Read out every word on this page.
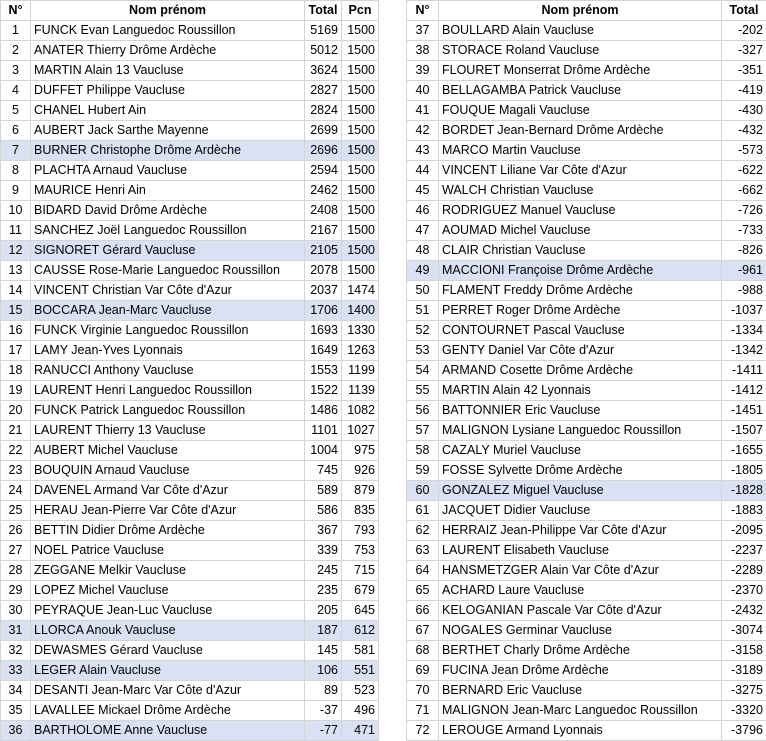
N°	Nom prénom	Total	Pcn
1	FUNCK Evan Languedoc Roussillon	5169	1500
2	ANATER Thierry Drôme Ardèche	5012	1500
3	MARTIN Alain 13 Vaucluse	3624	1500
4	DUFFET Philippe Vaucluse	2827	1500
5	CHANEL Hubert Ain	2824	1500
6	AUBERT Jack Sarthe Mayenne	2699	1500
7	BURNER Christophe Drôme Ardèche	2696	1500
8	PLACHTA Arnaud Vaucluse	2594	1500
9	MAURICE Henri Ain	2462	1500
10	BIDARD David Drôme Ardèche	2408	1500
11	SANCHEZ Joël Languedoc Roussillon	2167	1500
12	SIGNORET Gérard Vaucluse	2105	1500
13	CAUSSE Rose-Marie Languedoc Roussillon	2078	1500
14	VINCENT Christian Var Côte d'Azur	2037	1474
15	BOCCARA Jean-Marc Vaucluse	1706	1400
16	FUNCK Virginie Languedoc Roussillon	1693	1330
17	LAMY Jean-Yves Lyonnais	1649	1263
18	RANUCCI Anthony Vaucluse	1553	1199
19	LAURENT Henri Languedoc Roussillon	1522	1139
20	FUNCK Patrick Languedoc Roussillon	1486	1082
21	LAURENT Thierry 13 Vaucluse	1101	1027
22	AUBERT Michel Vaucluse	1004	975
23	BOUQUIN Arnaud Vaucluse	745	926
24	DAVENEL Armand Var Côte d'Azur	589	879
25	HERAU Jean-Pierre Var Côte d'Azur	586	835
26	BETTIN Didier Drôme Ardèche	367	793
27	NOEL Patrice Vaucluse	339	753
28	ZEGGANE Melkir Vaucluse	245	715
29	LOPEZ Michel Vaucluse	235	679
30	PEYRAQUE Jean-Luc Vaucluse	205	645
31	LLORCA Anouk Vaucluse	187	612
32	DEWASMES Gérard Vaucluse	145	581
33	LEGER Alain Vaucluse	106	551
34	DESANTI Jean-Marc Var Côte d'Azur	89	523
35	LAVALLEE Mickael Drôme Ardèche	-37	496
36	BARTHOLOME Anne Vaucluse	-77	471
N°	Nom prénom	Total
37	BOULLARD Alain Vaucluse	-202
38	STORACE Roland Vaucluse	-327
39	FLOURET Monserrat Drôme Ardèche	-351
40	BELLAGAMBA Patrick Vaucluse	-419
41	FOUQUE Magali Vaucluse	-430
42	BORDET Jean-Bernard Drôme Ardèche	-432
43	MARCO Martin Vaucluse	-573
44	VINCENT Liliane Var Côte d'Azur	-622
45	WALCH Christian Vaucluse	-662
46	RODRIGUEZ Manuel Vaucluse	-726
47	AOUMAD Michel Vaucluse	-733
48	CLAIR Christian Vaucluse	-826
49	MACCIONI Françoise Drôme Ardèche	-961
50	FLAMENT Freddy Drôme Ardèche	-988
51	PERRET Roger Drôme Ardèche	-1037
52	CONTOURNET Pascal Vaucluse	-1334
53	GENTY Daniel Var Côte d'Azur	-1342
54	ARMAND Cosette Drôme Ardèche	-1411
55	MARTIN Alain 42 Lyonnais	-1412
56	BATTONNIER Eric Vaucluse	-1451
57	MALIGNON Lysiane Languedoc Roussillon	-1507
58	CAZALY Muriel Vaucluse	-1655
59	FOSSE Sylvette Drôme Ardèche	-1805
60	GONZALEZ Miguel Vaucluse	-1828
61	JACQUET Didier Vaucluse	-1883
62	HERRAIZ Jean-Philippe Var Côte d'Azur	-2095
63	LAURENT Elisabeth Vaucluse	-2237
64	HANSMETZGER Alain Var Côte d'Azur	-2289
65	ACHARD Laure Vaucluse	-2370
66	KELOGANIAN Pascale Var Côte d'Azur	-2432
67	NOGALES Germinar Vaucluse	-3074
68	BERTHET Charly Drôme Ardèche	-3158
69	FUCINA Jean Drôme Ardèche	-3189
70	BERNARD Eric Vaucluse	-3275
71	MALIGNON Jean-Marc Languedoc Roussillon	-3320
72	LEROUGE Armand Lyonnais	-3796
